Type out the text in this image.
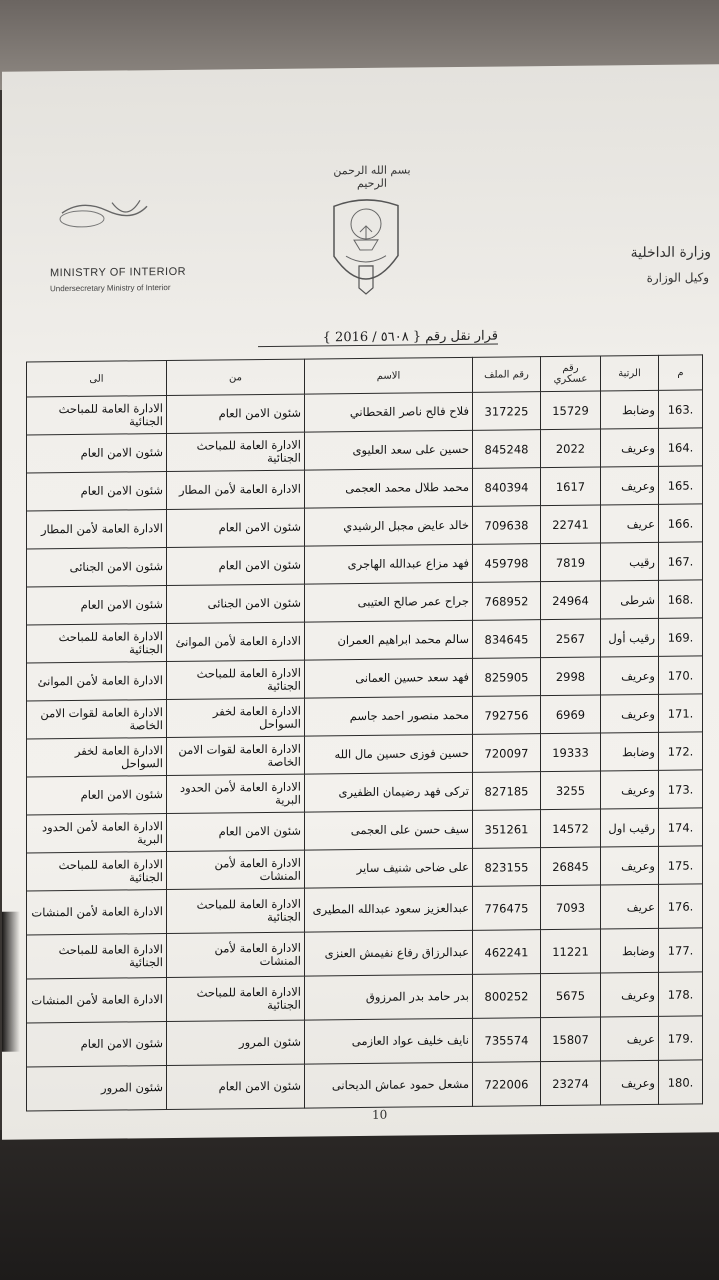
بسم الله الرحمن الرحيم
MINISTRY OF INTERIOR
Undersecretary Ministry of Interior
وزارة الداخلية
وكيل الوزارة
قرار نقل رقم { ٥٦٠٨ / 2016 }
م	الرتبة	رقم عسكري	رقم الملف	الاسم	من	الى
163.	وضابط	15729	317225	فلاح فالح ناصر القحطاني	شئون الامن العام	الادارة العامة للمباحث الجنائية
164.	وعريف	2022	845248	حسين على سعد العليوى	الادارة العامة للمباحث الجنائية	شئون الامن العام
165.	وعريف	1617	840394	محمد طلال محمد العجمى	الادارة العامة لأمن المطار	شئون الامن العام
166.	عريف	22741	709638	خالد عايض مجبل الرشيدي	شئون الامن العام	الادارة العامة لأمن المطار
167.	رقيب	7819	459798	فهد مزاع عبدالله الهاجرى	شئون الامن العام	شئون الامن الجنائى
168.	شرطى	24964	768952	جراح عمر صالح العتيبى	شئون الامن الجنائى	شئون الامن العام
169.	رقيب أول	2567	834645	سالم محمد ابراهيم العمران	الادارة العامة لأمن الموانئ	الادارة العامة للمباحث الجنائية
170.	وعريف	2998	825905	فهد سعد حسين العمانى	الادارة العامة للمباحث الجنائية	الادارة العامة لأمن الموانئ
171.	وعريف	6969	792756	محمد منصور احمد جاسم	الادارة العامة لخفر السواحل	الادارة العامة لقوات الامن الخاصة
172.	وضابط	19333	720097	حسين فوزى حسين مال الله	الادارة العامة لقوات الامن الخاصة	الادارة العامة لخفر السواحل
173.	وعريف	3255	827185	تركى فهد رضيمان الظفيرى	الادارة العامة لأمن الحدود البرية	شئون الامن العام
174.	رقيب اول	14572	351261	سيف حسن على العجمى	شئون الامن العام	الادارة العامة لأمن الحدود البرية
175.	وعريف	26845	823155	على ضاحى شنيف ساير	الادارة العامة لأمن المنشات	الادارة العامة للمباحث الجنائية
176.	عريف	7093	776475	عبدالعزيز سعود عبدالله المطيرى	الادارة العامة للمباحث الجنائية	الادارة العامة لأمن المنشات
177.	وضابط	11221	462241	عبدالرزاق رفاع نفيمش العنزى	الادارة العامة لأمن المنشات	الادارة العامة للمباحث الجنائية
178.	وعريف	5675	800252	بدر حامد بدر المرزوق	الادارة العامة للمباحث الجنائية	الادارة العامة لأمن المنشات
179.	عريف	15807	735574	نايف خليف عواد العازمى	شئون المرور	شئون الامن العام
180.	وعريف	23274	722006	مشعل حمود عماش الديحانى	شئون الامن العام	شئون المرور
10
